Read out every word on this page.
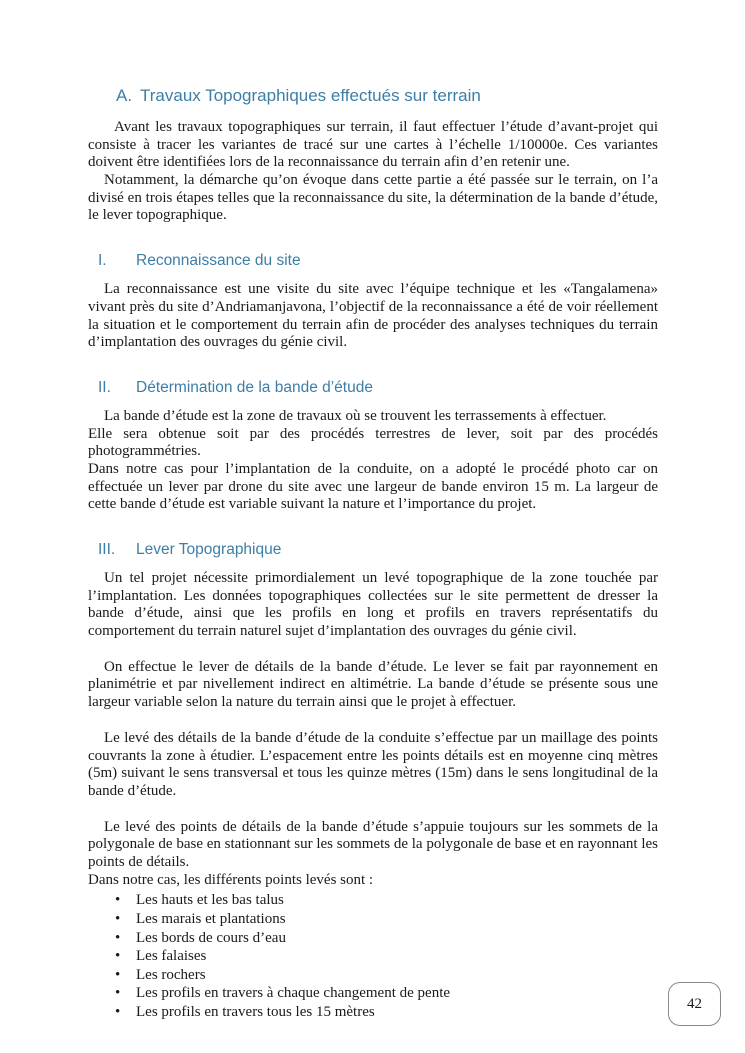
A. Travaux Topographiques effectués sur terrain

Avant les travaux topographiques sur terrain, il faut effectuer l’étude d’avant-projet qui consiste à tracer les variantes de tracé sur une cartes à l’échelle 1/10000e. Ces variantes doivent être identifiées lors de la reconnaissance du terrain afin d’en retenir une.

Notamment, la démarche qu’on évoque dans cette partie a été passée sur le terrain, on l’a divisé en trois étapes telles que la reconnaissance du site, la détermination de la bande d’étude, le lever topographique.

I.	Reconnaissance du site

La reconnaissance est une visite du site avec l’équipe technique et les «Tangalamena» vivant près du site d’Andriamanjavona, l’objectif de la reconnaissance a été de voir réellement la situation et le comportement du terrain afin de procéder des analyses techniques du terrain d’implantation des ouvrages du génie civil.

II.	Détermination de la bande d’étude

La bande d’étude est la zone de travaux où se trouvent les terrassements à effectuer.

Elle sera obtenue soit par des procédés terrestres de lever, soit par des procédés photogrammétries.

Dans notre cas pour l’implantation de la conduite, on a adopté le procédé photo car on effectuée un lever par drone du site avec une largeur de bande environ 15 m. La largeur de cette bande d’étude est variable suivant la nature et l’importance du projet.

III.	Lever Topographique

Un tel projet nécessite primordialement un levé topographique de la zone touchée par l’implantation. Les données topographiques collectées sur le site permettent de dresser la bande d’étude, ainsi que les profils en long et profils en travers représentatifs du comportement du terrain naturel sujet d’implantation des ouvrages du génie civil.

On effectue le lever de détails de la bande d’étude. Le lever se fait par rayonnement en planimétrie et par nivellement indirect en altimétrie. La bande d’étude se présente sous une largeur variable selon la nature du terrain ainsi que le projet à effectuer.

Le levé des détails de la bande d’étude de la conduite s’effectue par un maillage des points couvrants la zone à étudier. L’espacement entre les points détails est en moyenne cinq mètres (5m) suivant le sens transversal et tous les quinze mètres (15m) dans le sens longitudinal de la bande d’étude.

Le levé des points de détails de la bande d’étude s’appuie toujours sur les sommets de la polygonale de base en stationnant sur les sommets de la polygonale de base et en rayonnant les points de détails.

Dans notre cas, les différents points levés sont :

•	Les hauts et les bas talus
•	Les marais et plantations
•	Les bords de cours d’eau
•	Les falaises
•	Les rochers
•	Les profils en travers à chaque changement de pente
•	Les profils en travers tous les 15 mètres
42
